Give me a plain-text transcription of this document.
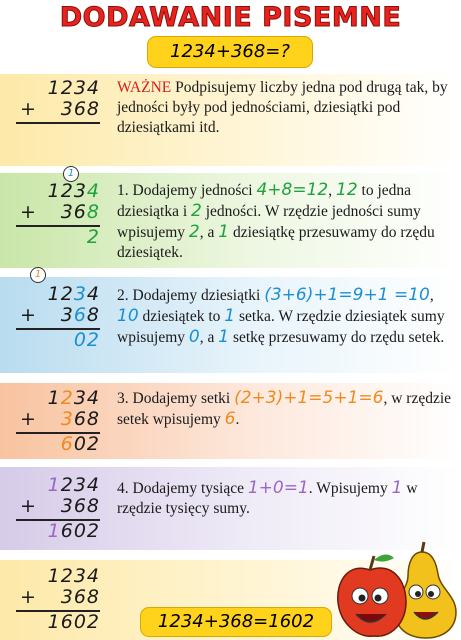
DODAWANIE PISEMNE
1234+368=?
1234
+ 368
WAŻNE Podpisujemy liczby jedna pod drugą tak, by jedności były pod jednościami, dziesiątki pod dziesiątkami itd.
1
1234
+ 368
2
1. Dodajemy jedności 4+8=12, 12 to jedna dziesiątka i 2 jedności. W rzędzie jedności sumy wpisujemy 2, a 1 dziesiątkę przesuwamy do rzędu dziesiątek.
1
1234
+ 368
02
2. Dodajemy dziesiątki (3+6)+1=9+1 =10, 10 dziesiątek to 1 setka. W rzędzie dziesiątek sumy wpisujemy 0, a 1 setkę przesuwamy do rzędu setek.
1234
+ 368
602
3. Dodajemy setki (2+3)+1=5+1=6, w rzędzie setek wpisujemy 6.
1234
+ 368
1602
4. Dodajemy tysiące 1+0=1. Wpisujemy 1 w rzędzie tysięcy sumy.
1234
+ 368
1602	1234+368=1602
